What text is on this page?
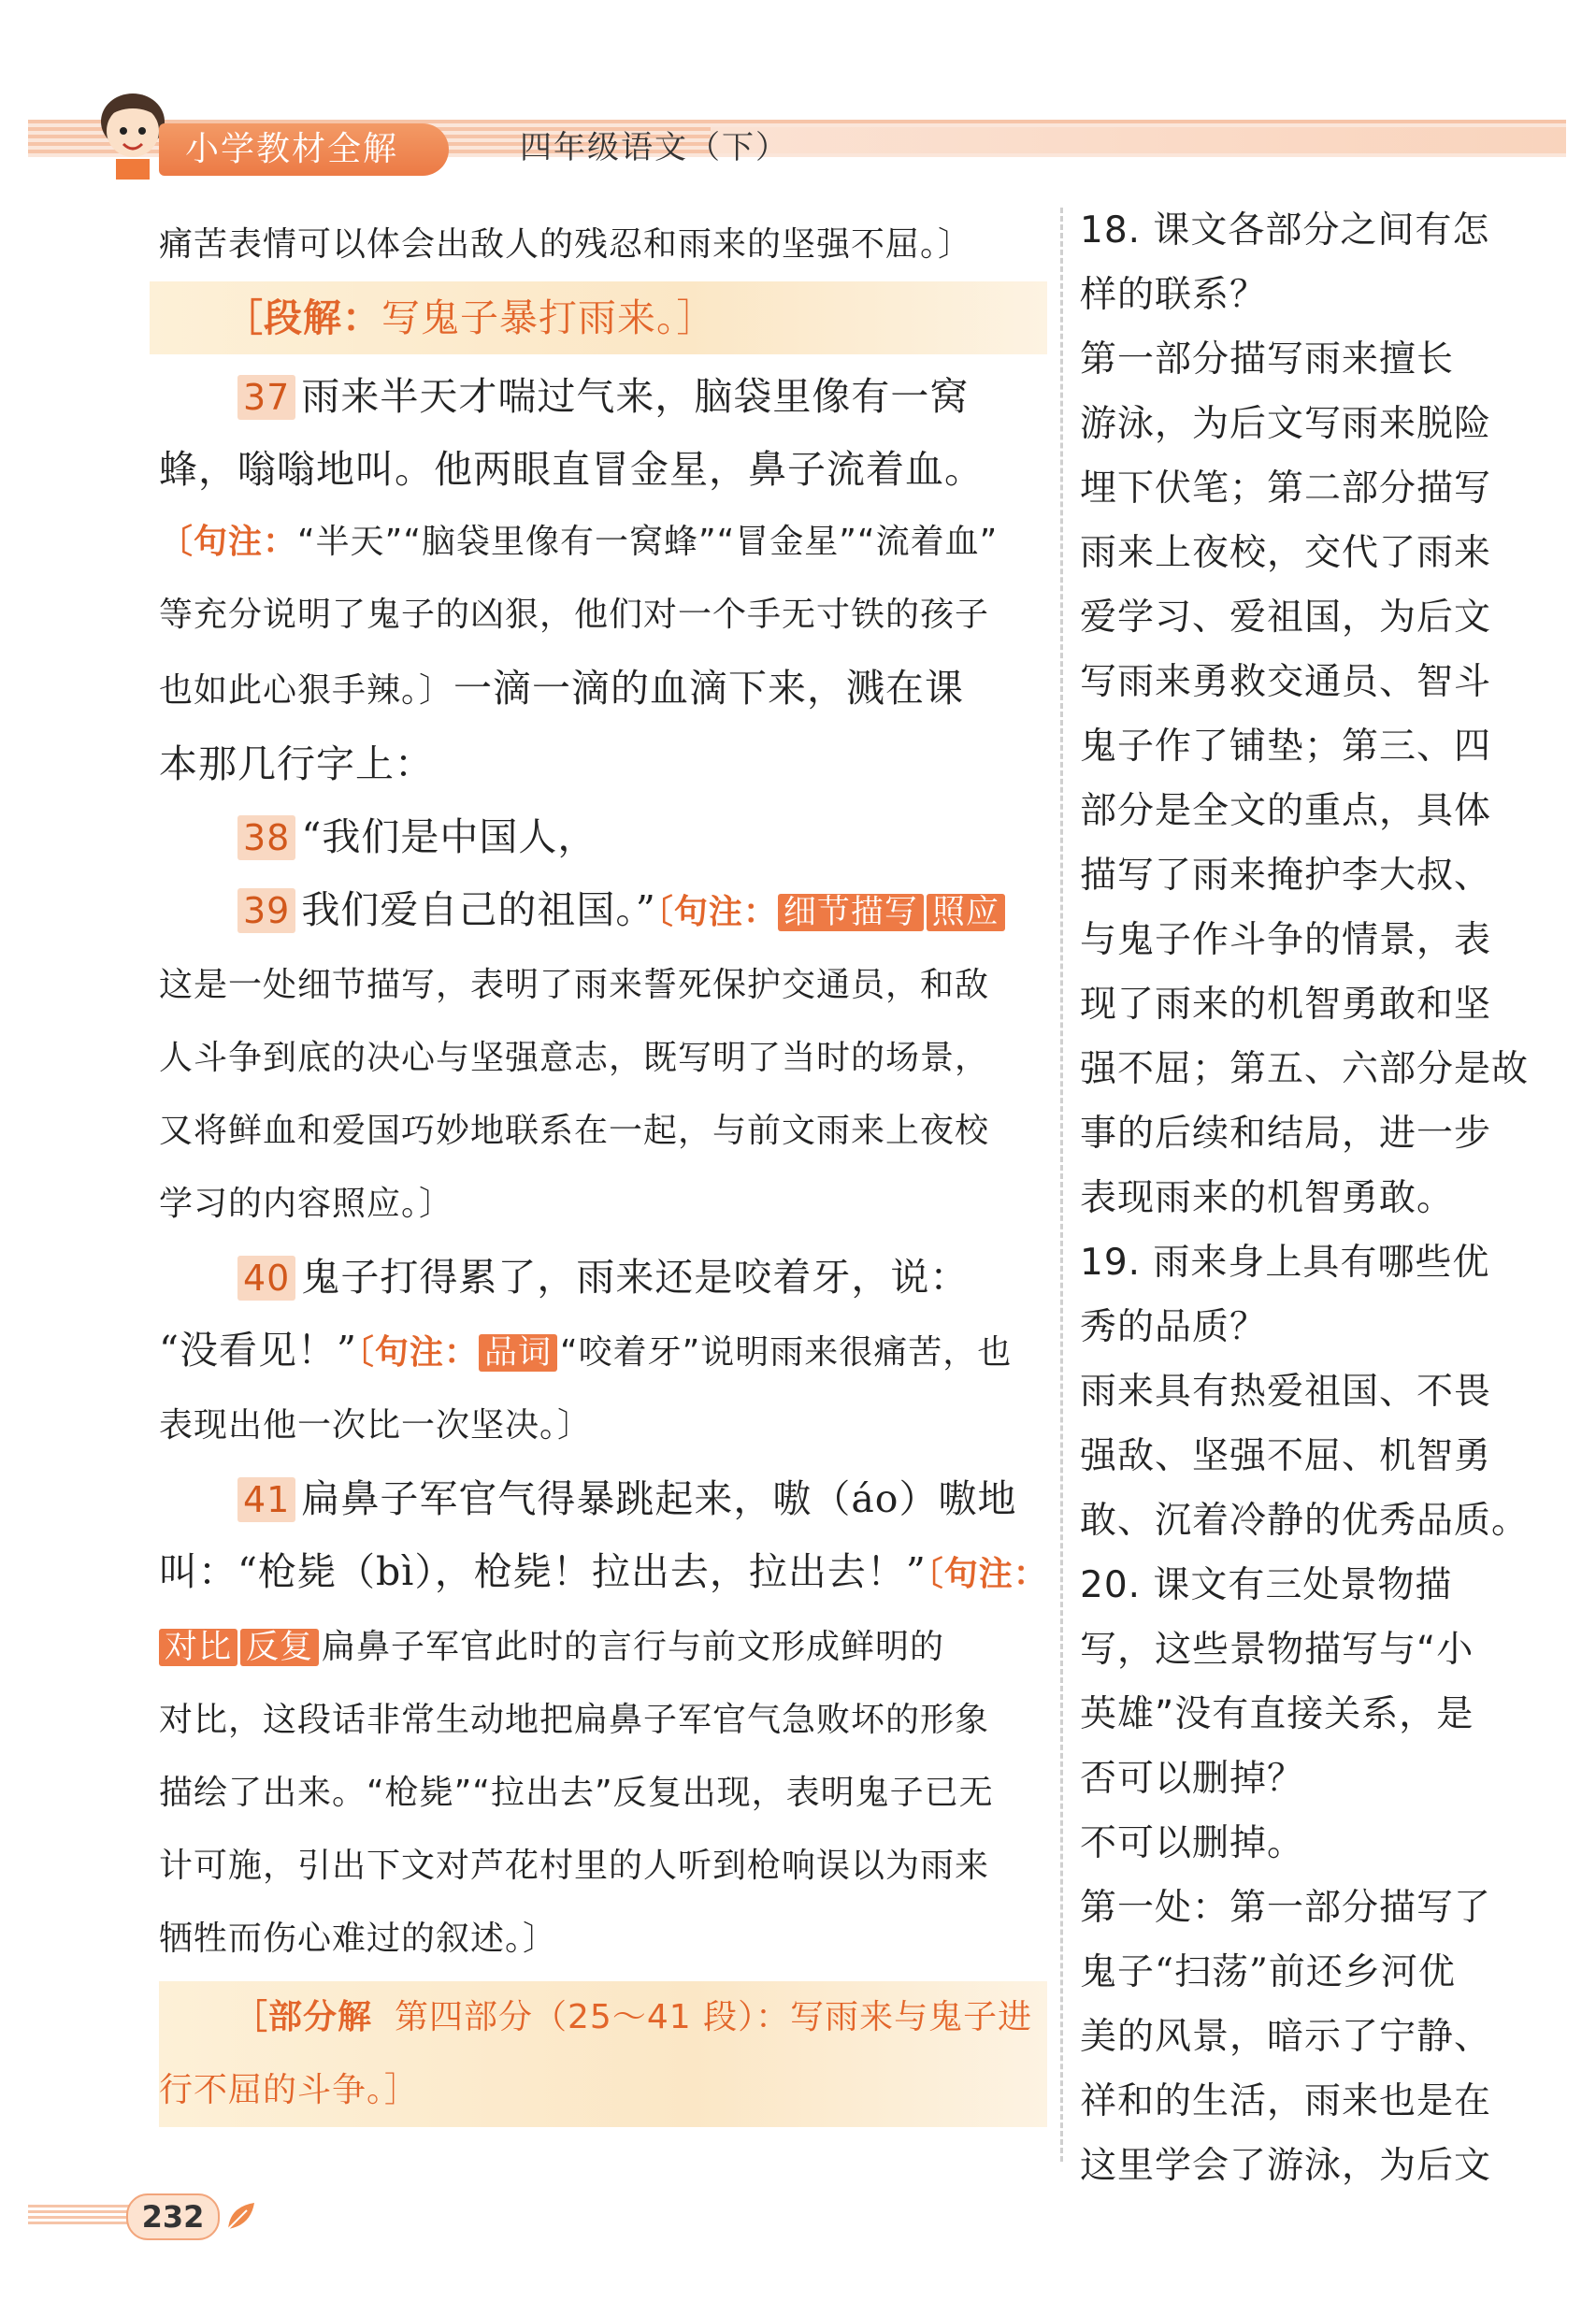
小学教材全解	四年级语文（下）
痛苦表情可以体会出敌人的残忍和雨来的坚强不屈。〕
［段解：写鬼子暴打雨来。］
37 雨来半天才喘过气来，脑袋里像有一窝
蜂，嗡嗡地叫。他两眼直冒金星，鼻子流着血。
〔句注：“半天”“脑袋里像有一窝蜂”“冒金星”“流着血”
等充分说明了鬼子的凶狠，他们对一个手无寸铁的孩子
也如此心狠手辣。〕一滴一滴的血滴下来，溅在课
本那几行字上：
38 “我们是中国人，
39 我们爱自己的祖国。”〔句注： 细节描写 照应
这是一处细节描写，表明了雨来誓死保护交通员，和敌
人斗争到底的决心与坚强意志，既写明了当时的场景，
又将鲜血和爱国巧妙地联系在一起，与前文雨来上夜校
学习的内容照应。〕
40 鬼子打得累了，雨来还是咬着牙，说：
“没看见！”〔句注： 品词 “咬着牙”说明雨来很痛苦，也
表现出他一次比一次坚决。〕
41 扁鼻子军官气得暴跳起来，嗷（áo）嗷地
叫：“枪毙（bì），枪毙！拉出去，拉出去！”〔句注：
对比 反复 扁鼻子军官此时的言行与前文形成鲜明的
对比，这段话非常生动地把扁鼻子军官气急败坏的形象
描绘了出来。“枪毙”“拉出去”反复出现，表明鬼子已无
计可施，引出下文对芦花村里的人听到枪响误以为雨来
牺牲而伤心难过的叙述。〕
［部分解 第四部分（25～41 段）：写雨来与鬼子进
行不屈的斗争。］
18. 课文各部分之间有怎
样的联系？
第一部分描写雨来擅长
游泳，为后文写雨来脱险
埋下伏笔；第二部分描写
雨来上夜校，交代了雨来
爱学习、爱祖国，为后文
写雨来勇救交通员、智斗
鬼子作了铺垫；第三、四
部分是全文的重点，具体
描写了雨来掩护李大叔、
与鬼子作斗争的情景，表
现了雨来的机智勇敢和坚
强不屈；第五、六部分是故
事的后续和结局，进一步
表现雨来的机智勇敢。
19. 雨来身上具有哪些优
秀的品质？
雨来具有热爱祖国、不畏
强敌、坚强不屈、机智勇
敢、沉着冷静的优秀品质。
20. 课文有三处景物描
写，这些景物描写与“小
英雄”没有直接关系，是
否可以删掉？
不可以删掉。
第一处：第一部分描写了
鬼子“扫荡”前还乡河优
美的风景，暗示了宁静、
祥和的生活，雨来也是在
这里学会了游泳，为后文
232
